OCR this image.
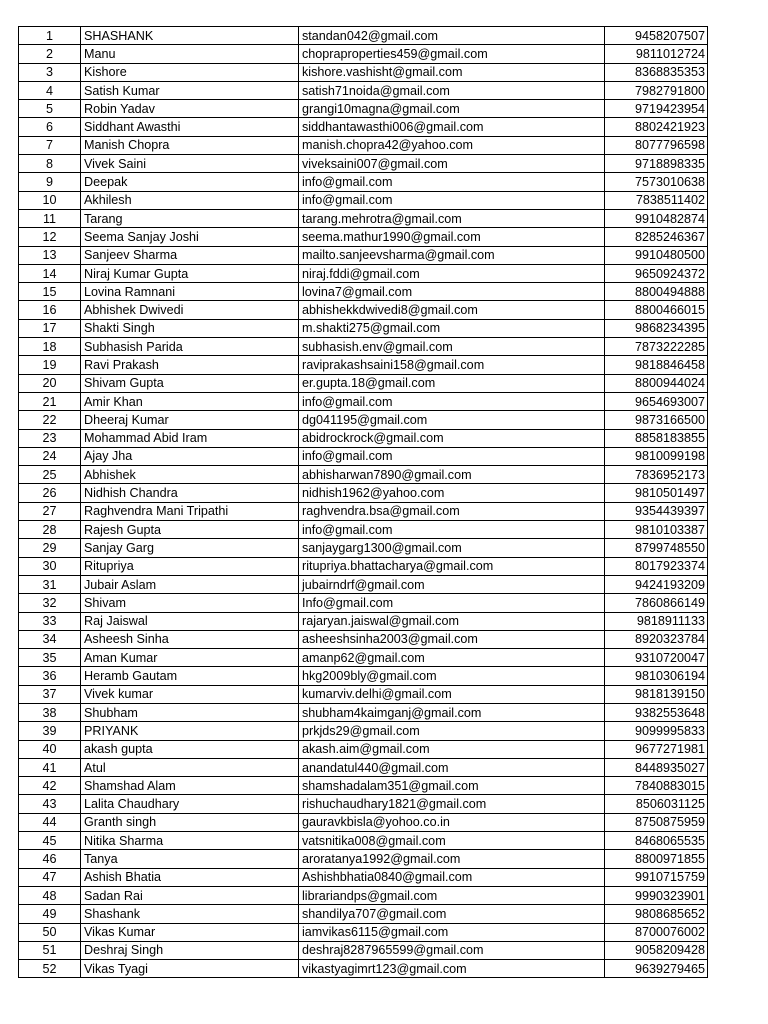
1	SHASHANK	standan042@gmail.com	9458207507
2	Manu	chopraproperties459@gmail.com	9811012724
3	Kishore	kishore.vashisht@gmail.com	8368835353
4	Satish Kumar	satish71noida@gmail.com	7982791800
5	Robin Yadav	grangi10magna@gmail.com	9719423954
6	Siddhant Awasthi	siddhantawasthi006@gmail.com	8802421923
7	Manish Chopra	manish.chopra42@yahoo.com	8077796598
8	Vivek Saini	viveksaini007@gmail.com	9718898335
9	Deepak	info@gmail.com	7573010638
10	Akhilesh	info@gmail.com	7838511402
11	Tarang	tarang.mehrotra@gmail.com	9910482874
12	Seema Sanjay Joshi	seema.mathur1990@gmail.com	8285246367
13	Sanjeev Sharma	mailto.sanjeevsharma@gmail.com	9910480500
14	Niraj Kumar Gupta	niraj.fddi@gmail.com	9650924372
15	Lovina Ramnani	lovina7@gmail.com	8800494888
16	Abhishek Dwivedi	abhishekkdwivedi8@gmail.com	8800466015
17	Shakti Singh	m.shakti275@gmail.com	9868234395
18	Subhasish Parida	subhasish.env@gmail.com	7873222285
19	Ravi Prakash	raviprakashsaini158@gmail.com	9818846458
20	Shivam Gupta	er.gupta.18@gmail.com	8800944024
21	Amir Khan	info@gmail.com	9654693007
22	Dheeraj Kumar	dg041195@gmail.com	9873166500
23	Mohammad Abid Iram	abidrockrock@gmail.com	8858183855
24	Ajay Jha	info@gmail.com	9810099198
25	Abhishek	abhisharwan7890@gmail.com	7836952173
26	Nidhish Chandra	nidhish1962@yahoo.com	9810501497
27	Raghvendra Mani Tripathi	raghvendra.bsa@gmail.com	9354439397
28	Rajesh Gupta	info@gmail.com	9810103387
29	Sanjay Garg	sanjaygarg1300@gmail.com	8799748550
30	Ritupriya	ritupriya.bhattacharya@gmail.com	8017923374
31	Jubair Aslam	jubairndrf@gmail.com	9424193209
32	Shivam	Info@gmail.com	7860866149
33	Raj Jaiswal	rajaryan.jaiswal@gmail.com	9818911133
34	Asheesh Sinha	asheeshsinha2003@gmail.com	8920323784
35	Aman Kumar	amanp62@gmail.com	9310720047
36	Heramb Gautam	hkg2009bly@gmail.com	9810306194
37	Vivek kumar	kumarviv.delhi@gmail.com	9818139150
38	Shubham	shubham4kaimganj@gmail.com	9382553648
39	PRIYANK	prkjds29@gmail.com	9099995833
40	akash gupta	akash.aim@gmail.com	9677271981
41	Atul	anandatul440@gmail.com	8448935027
42	Shamshad Alam	shamshadalam351@gmail.com	7840883015
43	Lalita Chaudhary	rishuchaudhary1821@gmail.com	8506031125
44	Granth singh	gauravkbisla@yohoo.co.in	8750875959
45	Nitika Sharma	vatsnitika008@gmail.com	8468065535
46	Tanya	aroratanya1992@gmail.com	8800971855
47	Ashish Bhatia	Ashishbhatia0840@gmail.com	9910715759
48	Sadan Rai	librariandps@gmail.com	9990323901
49	Shashank	shandilya707@gmail.com	9808685652
50	Vikas Kumar	iamvikas6115@gmail.com	8700076002
51	Deshraj Singh	deshraj8287965599@gmail.com	9058209428
52	Vikas Tyagi	vikastyagimrt123@gmail.com	9639279465
